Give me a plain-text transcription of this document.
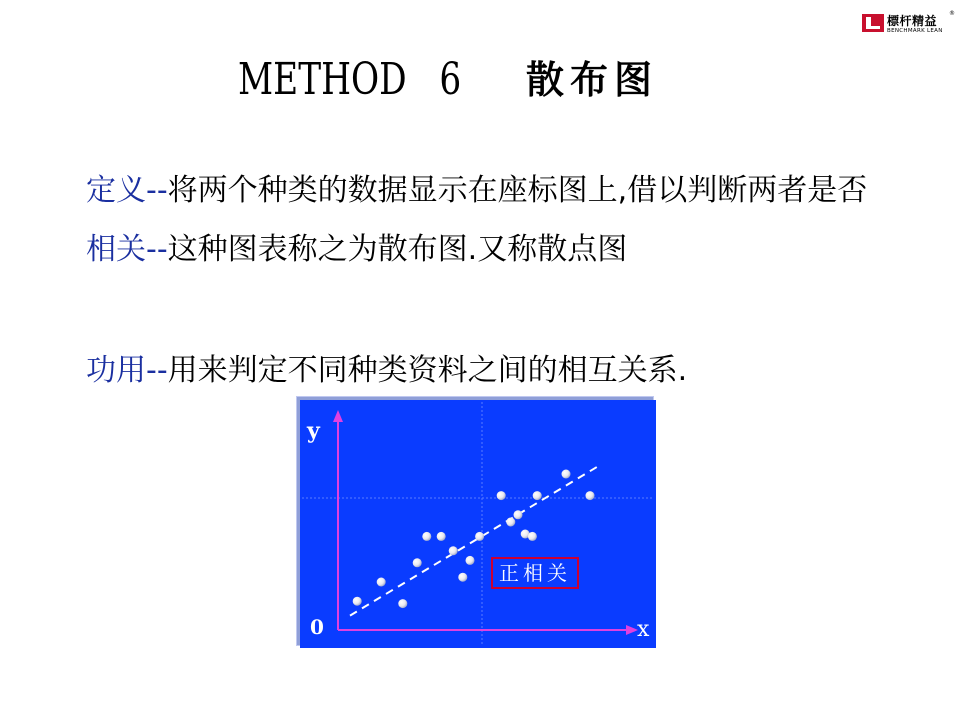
標杆精益
®
BENCHMARK LEAN
METHOD   6 散布图
定义--将两个种类的数据显示在座标图上,借以判断两者是否相关--这种图表称之为散布图.又称散点图
功用--用来判定不同种类资料之间的相互关系.
y
x
0
正相关
